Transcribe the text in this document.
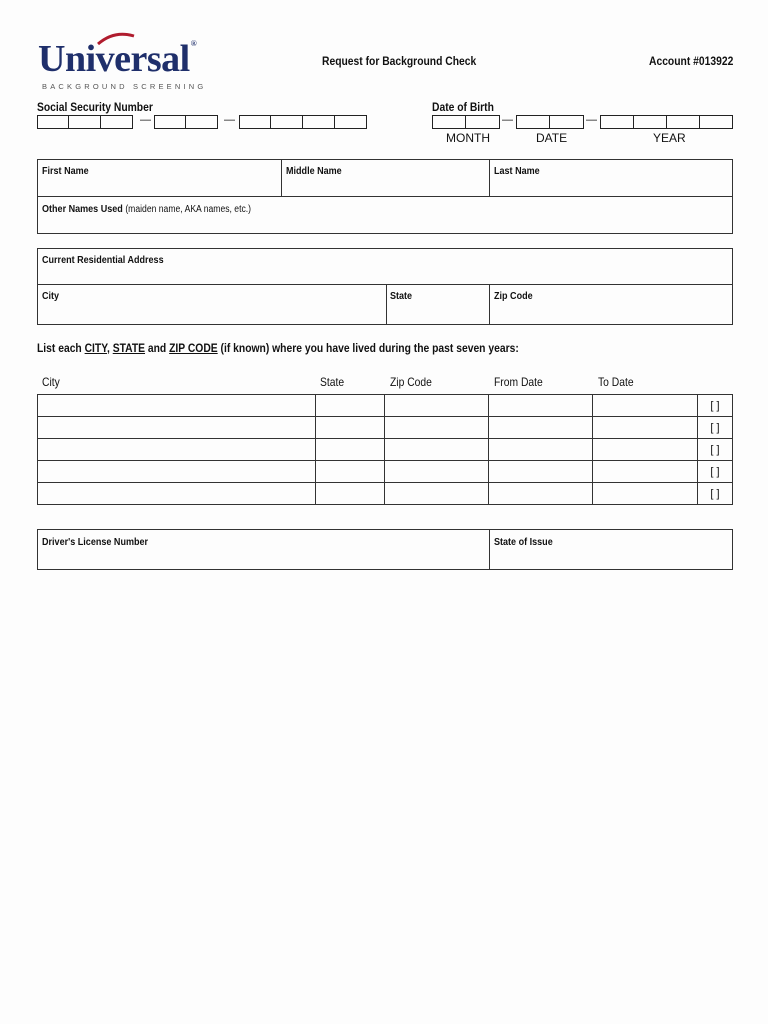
Universal®
BACKGROUND SCREENING
Request for Background Check	Account #013922
Social Security Number
—	—
Date of Birth
—	—
MONTH	DATE	YEAR
First Name	Middle Name	Last Name
Other Names Used (maiden name, AKA names, etc.)
Current Residential Address
City	State	Zip Code
List each CITY, STATE and ZIP CODE (if known) where you have lived during the past seven years:
City	State	Zip Code	From Date	To Date
					[ ]
					[ ]
					[ ]
					[ ]
					[ ]
Driver's License Number	State of Issue
